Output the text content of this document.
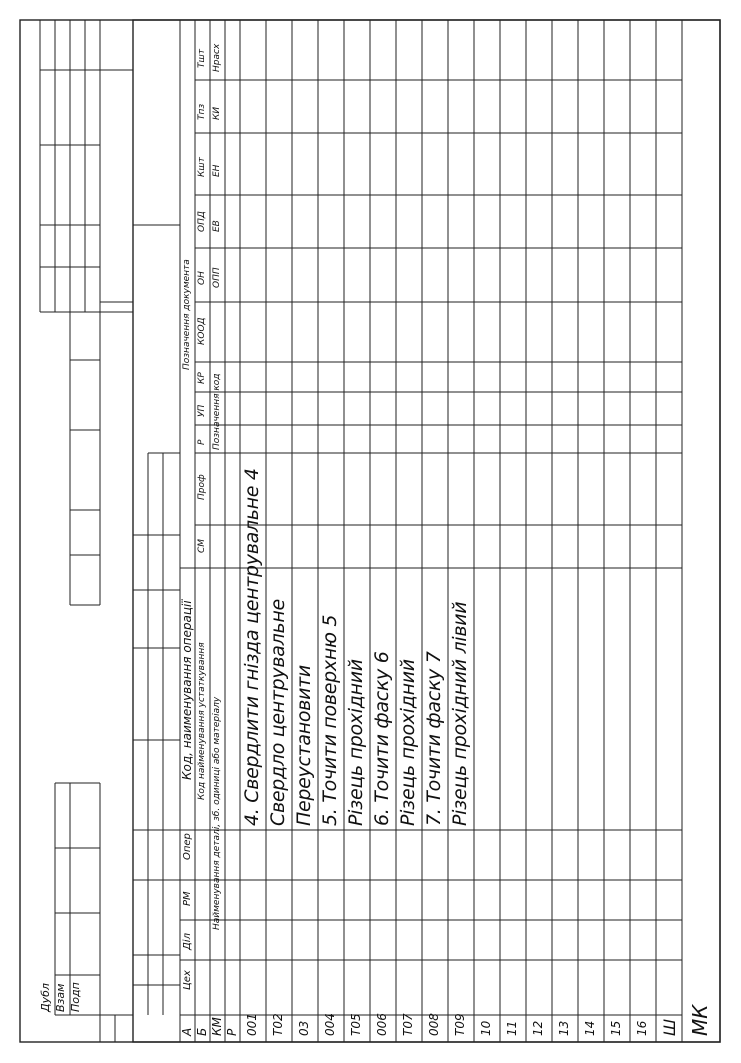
Дубл Взам Подп
А Б КМ Р
Цех
Діл
РМ
Опер
Код, наименування операції Код найменування устаткування Найменування деталі, зб. одиниці або матеріалу
СМ
Проф
Р
УП
КР
КООД
ОН
ОПД
Кшт
Тпз
Тшт
ОПП
ЕВ
ЕН
КИ
Нрасх
Позначення код
Позначення документа
001 Т02 03 004 Т05 006 Т07 008 Т09 10 11 12 13 14 15 16 Ш
4. Свердлити гнізда центрувальне 4 Свердло центрувальне Переустановити 5. Точити поверхню 5 Різець прохідний 6. Точити фаску 6 Різець прохідний 7. Точити фаску 7 Різець прохідний лівий
МК
